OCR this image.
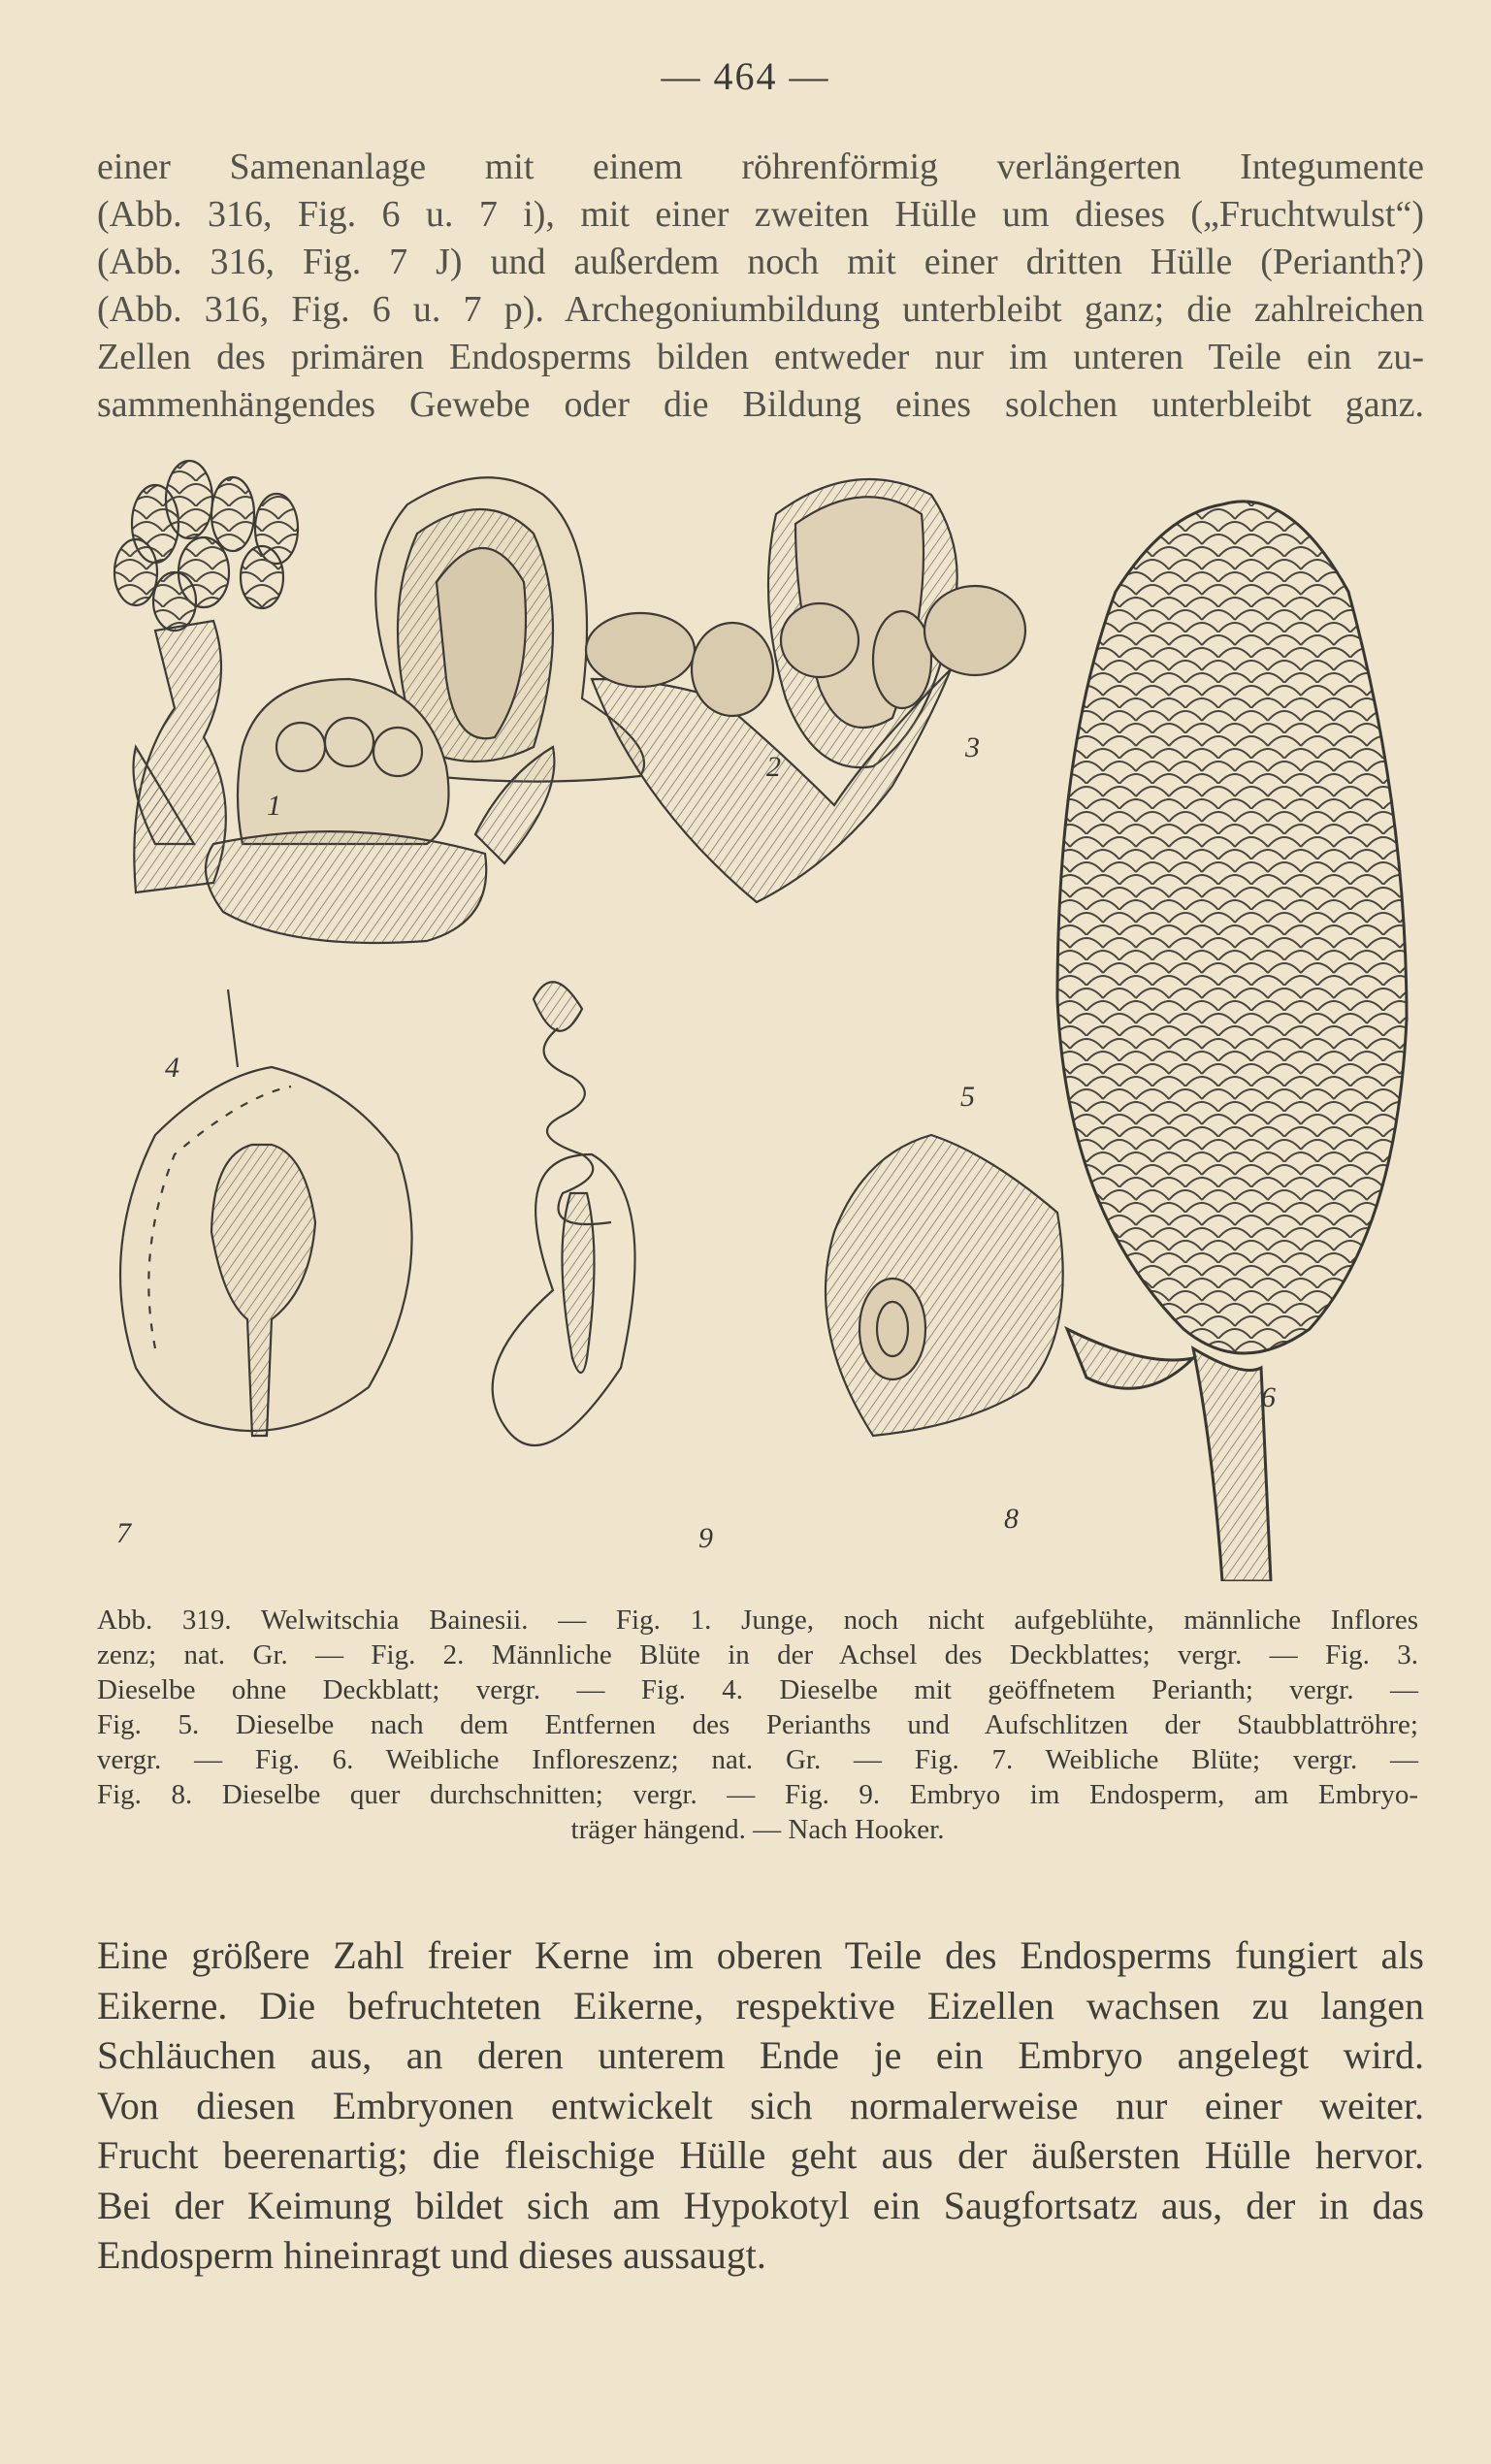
— 464 —
einer Samenanlage mit einem röhrenförmig verlängerten Integumente
(Abb. 316, Fig. 6 u. 7 i), mit einer zweiten Hülle um dieses („Fruchtwulst“)
(Abb. 316, Fig. 7 J) und außerdem noch mit einer dritten Hülle (Perianth?)
(Abb. 316, Fig. 6 u. 7 p). Archegoniumbildung unterbleibt ganz; die zahlreichen
Zellen des primären Endosperms bilden entweder nur im unteren Teile ein zu-
sammenhängendes Gewebe oder die Bildung eines solchen unterbleibt ganz.
1
2
3
4
5
6
7	8
9
Abb. 319. Welwitschia Bainesii. — Fig. 1. Junge, noch nicht aufgeblühte, männliche Inflores
zenz; nat. Gr. — Fig. 2. Männliche Blüte in der Achsel des Deckblattes; vergr. — Fig. 3.
Dieselbe ohne Deckblatt; vergr. — Fig. 4. Dieselbe mit geöffnetem Perianth; vergr. —
Fig. 5. Dieselbe nach dem Entfernen des Perianths und Aufschlitzen der Staubblattröhre;
vergr. — Fig. 6. Weibliche Infloreszenz; nat. Gr. — Fig. 7. Weibliche Blüte; vergr. —
Fig. 8. Dieselbe quer durchschnitten; vergr. — Fig. 9. Embryo im Endosperm, am Embryo-
träger hängend. — Nach Hooker.
Eine größere Zahl freier Kerne im oberen Teile des Endosperms fungiert als
Eikerne. Die befruchteten Eikerne, respektive Eizellen wachsen zu langen
Schläuchen aus, an deren unterem Ende je ein Embryo angelegt wird.
Von diesen Embryonen entwickelt sich normalerweise nur einer weiter.
Frucht beerenartig; die fleischige Hülle geht aus der äußersten Hülle hervor.
Bei der Keimung bildet sich am Hypokotyl ein Saugfortsatz aus, der in das
Endosperm hineinragt und dieses aussaugt.
